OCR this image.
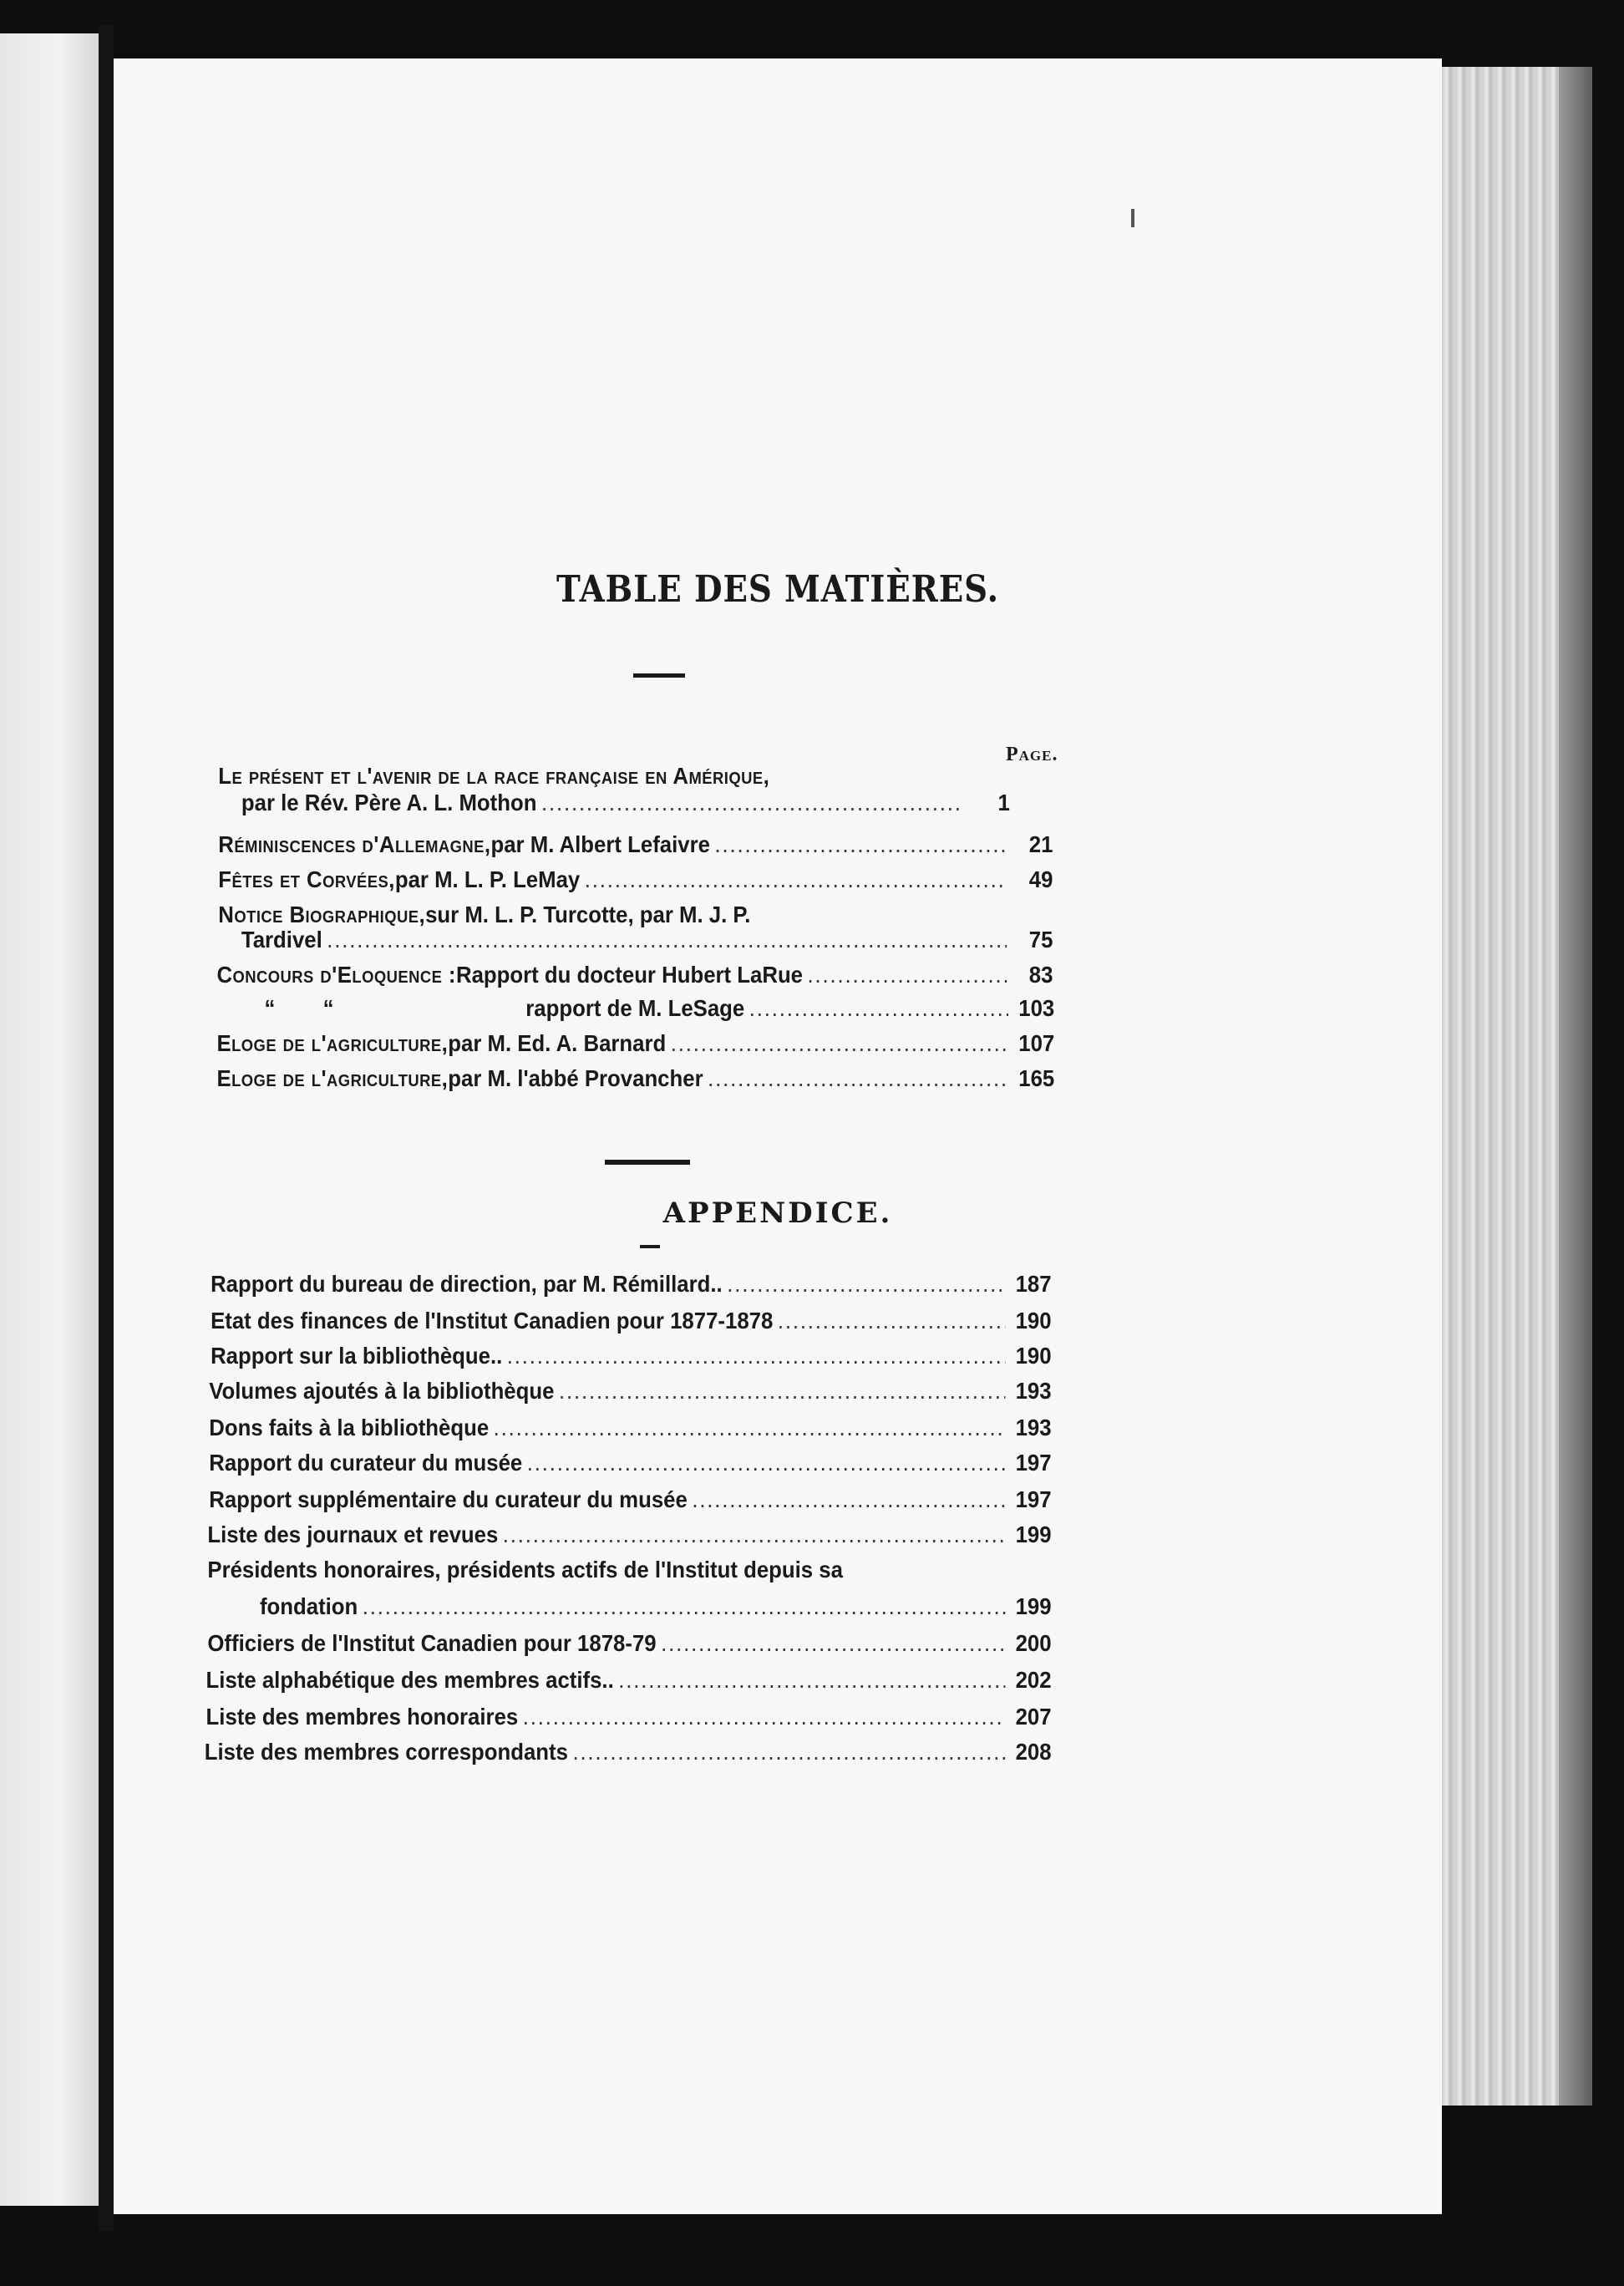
TABLE DES MATIÈRES.
Page.
Le présent et l'avenir de la race française en Amérique,
par le Rév. Père A. L. Mothon .....	1
Réminiscences d'Allemagne, par M. Albert Lefaivre .....	21
Fêtes et Corvées, par M. L. P. LeMay .....	49
Notice Biographique, sur M. L. P. Turcotte, par M. J. P.
Tardivel .....	75
Concours d'Eloquence : Rapport du docteur Hubert LaRue .....	83
“        “	rapport de M. LeSage .....	103
Eloge de l'agriculture, par M. Ed. A. Barnard .....	107
Eloge de l'agriculture, par M. l'abbé Provancher .....	165
APPENDICE.
Rapport du bureau de direction, par M. Rémillard.. .....	187
Etat des finances de l'Institut Canadien pour 1877-1878 .....	190
Rapport sur la bibliothèque.. .....	190
Volumes ajoutés à la bibliothèque .....	193
Dons faits à la bibliothèque .....	193
Rapport du curateur du musée .....	197
Rapport supplémentaire du curateur du musée .....	197
Liste des journaux et revues .....	199
Présidents honoraires, présidents actifs de l'Institut depuis sa
fondation .....	199
Officiers de l'Institut Canadien pour 1878-79 .....	200
Liste alphabétique des membres actifs.. .....	202
Liste des membres honoraires .....	207
Liste des membres correspondants .....	208
